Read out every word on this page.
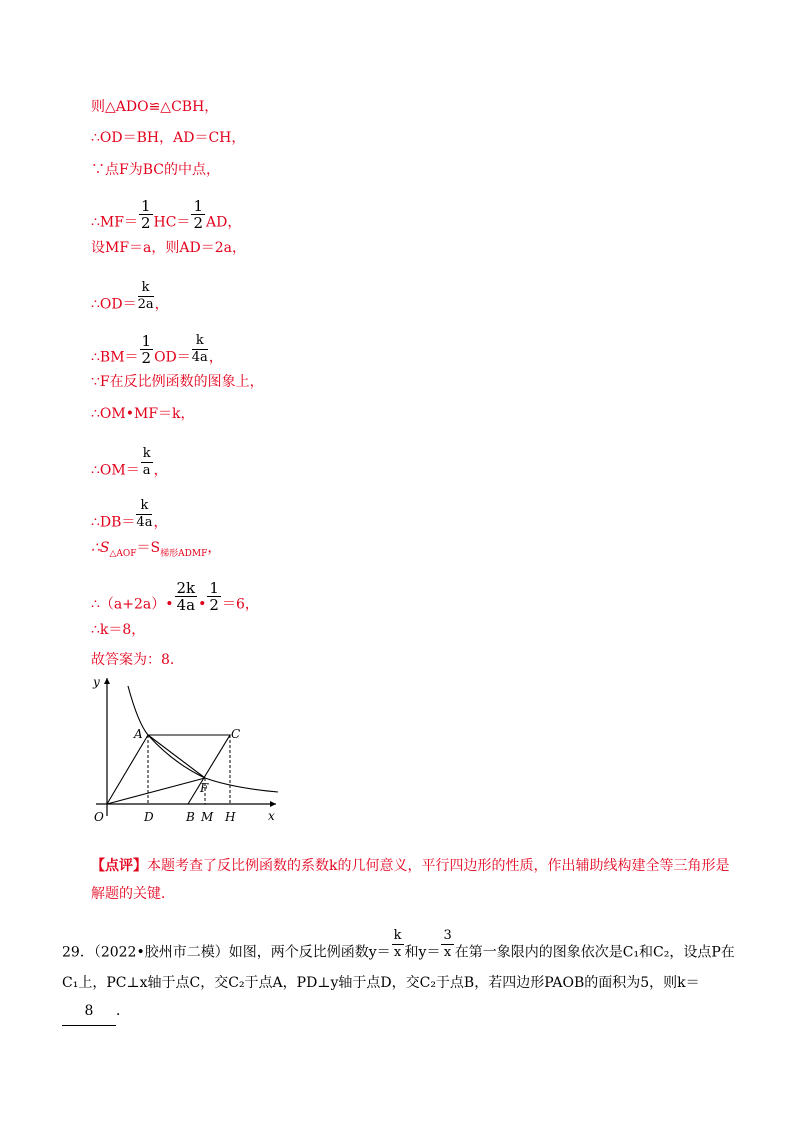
则△ADO≌△CBH，
∴OD＝BH，AD＝CH，
∵点F为BC的中点，
∴MF＝ $\frac{1}{2} HC= \frac{1}{2}$ AD，
设MF＝a，则AD＝2a，
∴OD＝ $\frac{k}{2a}$ ，
∴BM＝ $\frac{1}{2} OD= \frac{k}{4a}$ ，
∵F在反比例函数的图象上，
∴OM•MF＝k，
∴OM＝ $\frac{k}{a}$ ，
∴DB＝ $\frac{k}{4a}$ ，
$\therefore S_{\triangle AOF}=S_{梯形ADMF}$，
∴（a+2a）• $\frac{2k}{4a}$ • $\frac{1}{2} =6$，
∴k＝8，
故答案为：8．
y
x
O
A	C
F
D	B M H
【点评】本题考查了反比例函数的系数k的几何意义，平行四边形的性质，作出辅助线构建全等三角形是解题的关键．
29．（2022•胶州市二模）如图，两个反比例函数$y= \frac{k}{x}$ 和$y= \frac{3}{x}$ 在第一象限内的图象依次是C₁和C₂，设点P在C₁上，PC⊥x轴于点C，交C₂于点A，PD⊥y轴于点D，交C₂于点B，若四边形PAOB的面积为5，则k＝8 ．
